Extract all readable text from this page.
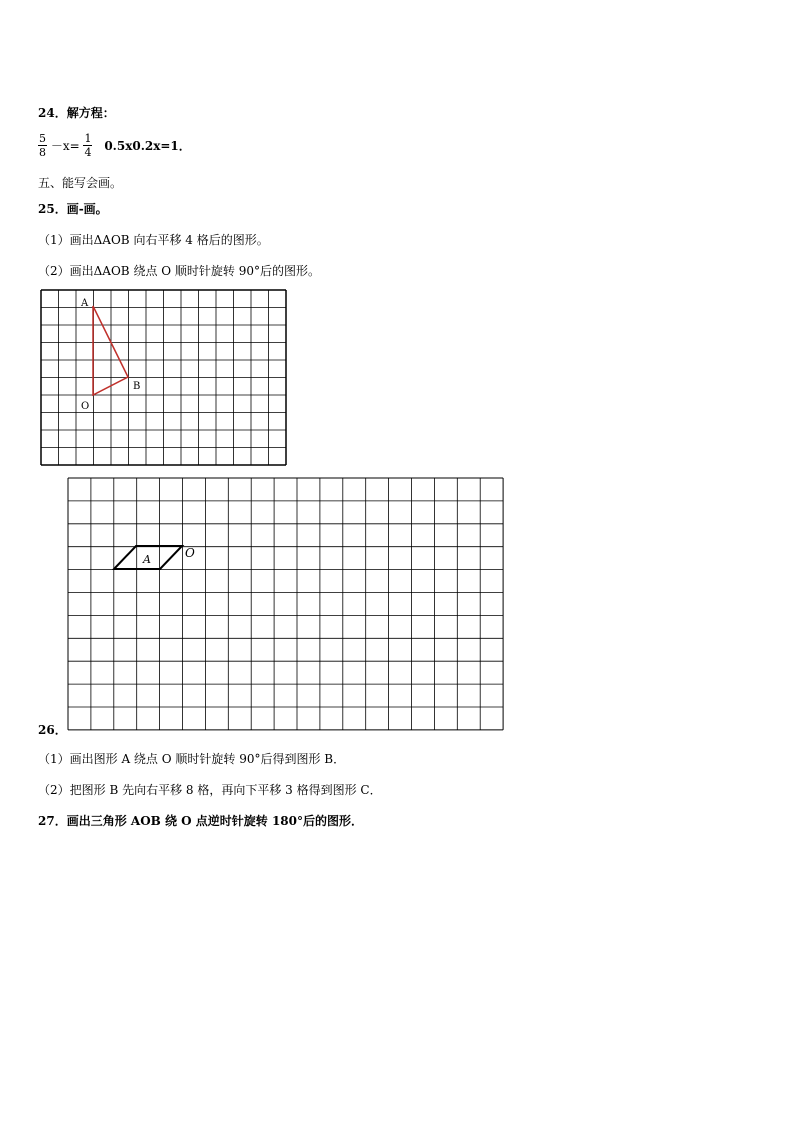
24．解方程：
$\frac{5}{8} -x= \frac{1}{4} 0.5x0.2x=1$．
五、能写会画。
25．画-画。
（1）画出ΔAOB 向右平移 4 格后的图形。
（2）画出ΔAOB 绕点 O 顺时针旋转 90°后的图形。
A
B
O
A	O
26．
（1）画出图形 A 绕点 O 顺时针旋转 90°后得到图形 B．
（2）把图形 B 先向右平移 8 格，再向下平移 3 格得到图形 C．
27．画出三角形 AOB 绕 O 点逆时针旋转 180°后的图形．
